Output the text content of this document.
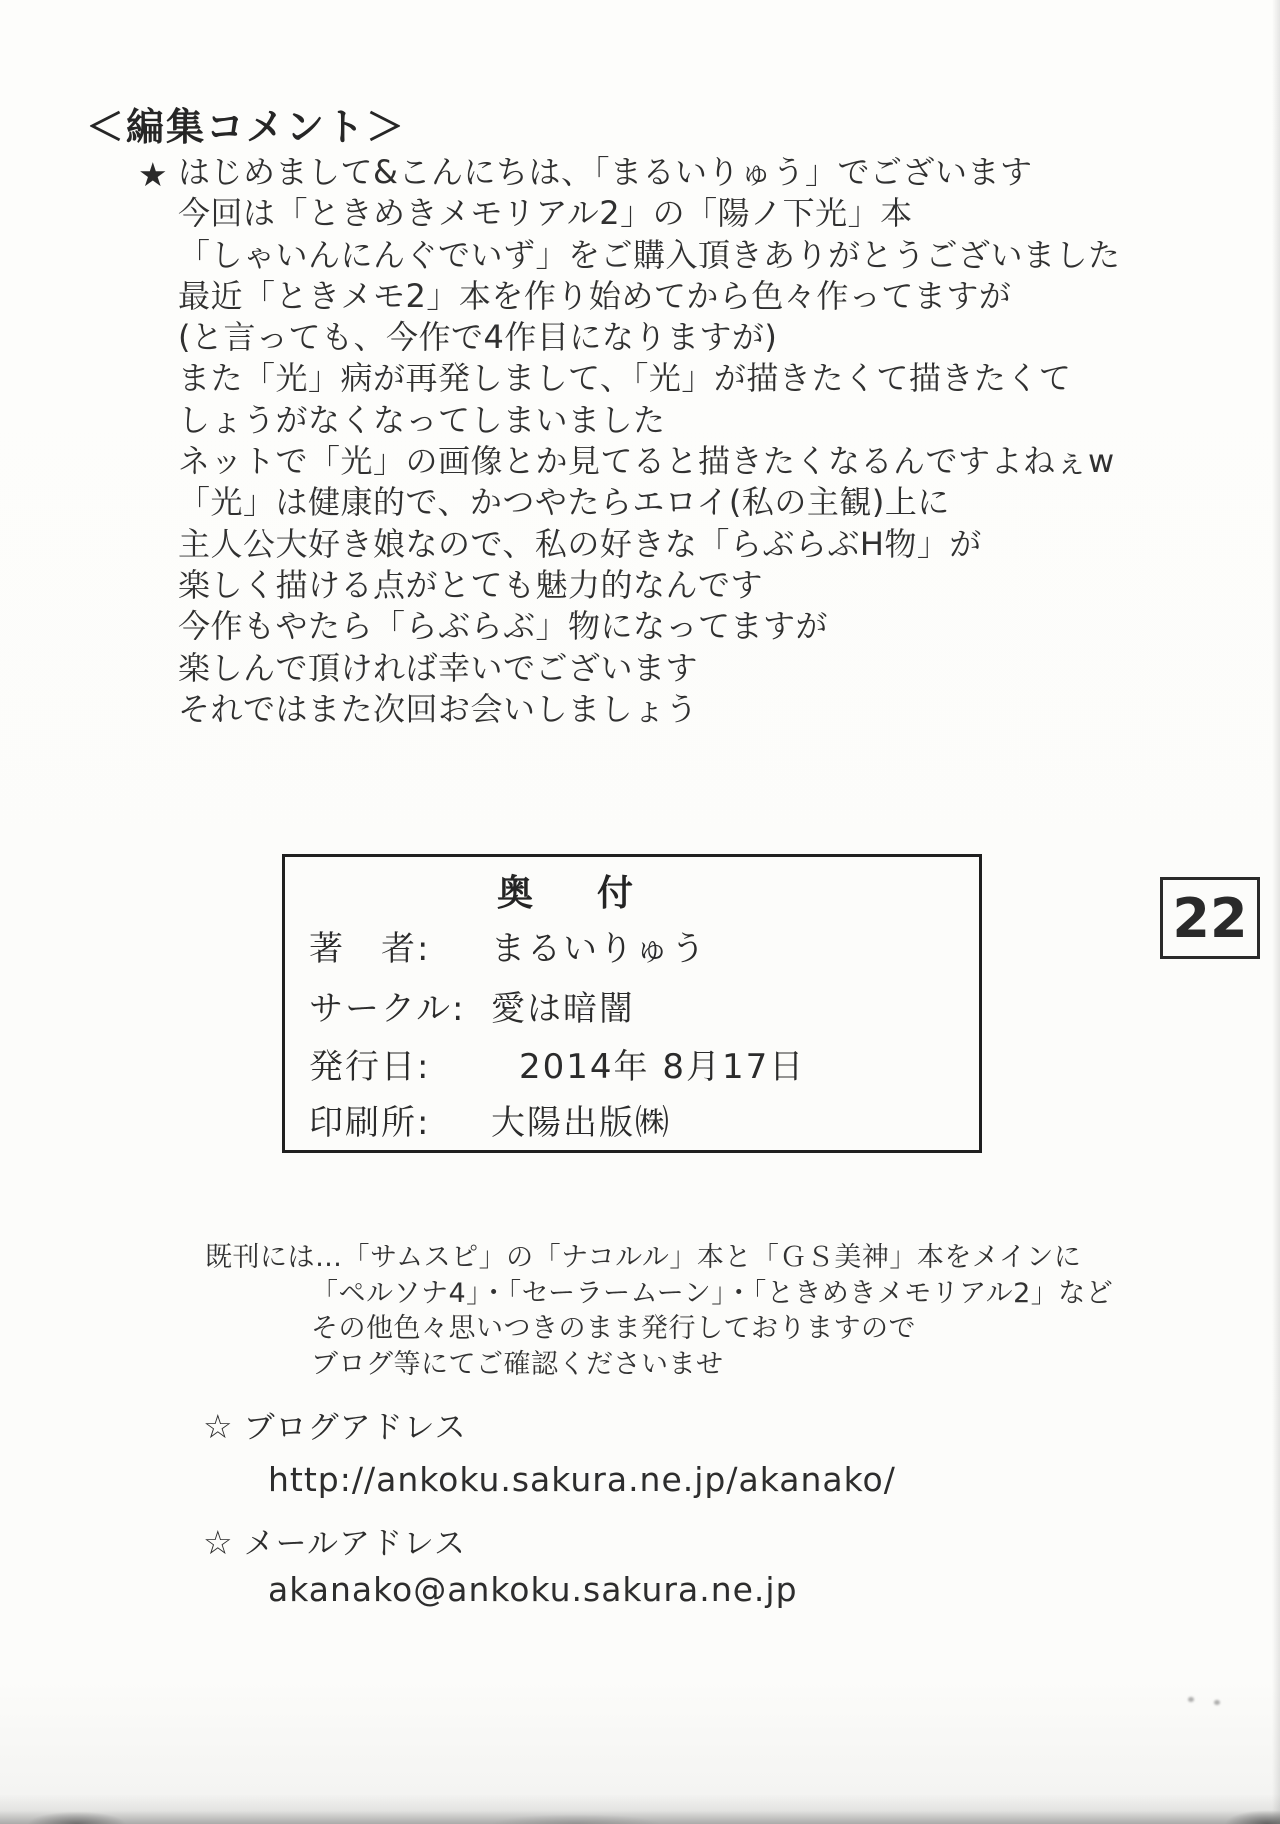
＜編集コメント＞
★ はじめまして&こんにちは、「まるいりゅう」でございます
今回は「ときめきメモリアル2」の「陽ノ下光」本
「しゃいんにんぐでいず」をご購入頂きありがとうございました
最近「ときメモ2」本を作り始めてから色々作ってますが
(と言っても、今作で4作目になりますが)
また「光」病が再発しまして、「光」が描きたくて描きたくて
しょうがなくなってしまいました
ネットで「光」の画像とか見てると描きたくなるんですよねぇw
「光」は健康的で、かつやたらエロイ(私の主観)上に
主人公大好き娘なので、私の好きな「らぶらぶH物」が
楽しく描ける点がとても魅力的なんです
今作もやたら「らぶらぶ」物になってますが
楽しんで頂ければ幸いでございます
それではまた次回お会いしましょう
奥　付
著　者: まるいりゅう
サークル: 愛は暗闇
発行日:	2014年 8月17日
印刷所: 大陽出版㈱
22
既刊には…「サムスピ」の「ナコルル」本と「ＧＳ美神」本をメインに
「ペルソナ4」・「セーラームーン」・「ときめきメモリアル2」など
その他色々思いつきのまま発行しておりますので
ブログ等にてご確認くださいませ
☆ ブログアドレス
http://ankoku.sakura.ne.jp/akanako/
☆ メールアドレス
akanako@ankoku.sakura.ne.jp
